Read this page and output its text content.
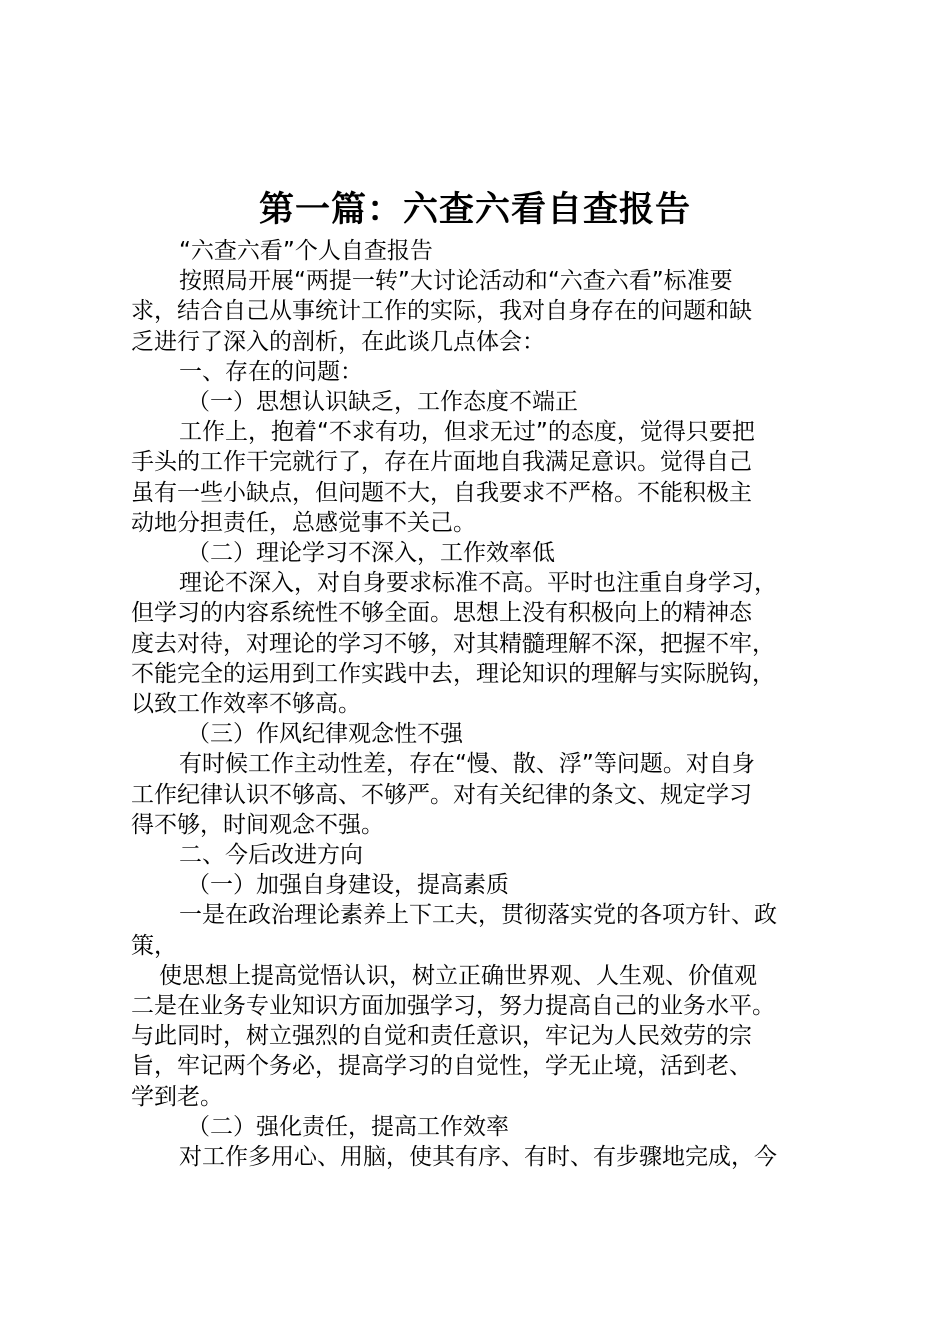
第一篇：六查六看自查报告

“六查六看”个人自查报告

按照局开展“两提一转”大讨论活动和“六查六看”标准要

求，结合自己从事统计工作的实际，我对自身存在的问题和缺

乏进行了深入的剖析，在此谈几点体会：

一、存在的问题：

（一）思想认识缺乏，工作态度不端正

工作上，抱着“不求有功，但求无过”的态度，觉得只要把

手头的工作干完就行了，存在片面地自我满足意识。觉得自己

虽有一些小缺点，但问题不大，自我要求不严格。不能积极主

动地分担责任，总感觉事不关己。

（二）理论学习不深入，工作效率低

理论不深入，对自身要求标准不高。平时也注重自身学习，

但学习的内容系统性不够全面。思想上没有积极向上的精神态

度去对待，对理论的学习不够，对其精髓理解不深，把握不牢，

不能完全的运用到工作实践中去，理论知识的理解与实际脱钩，

以致工作效率不够高。

（三）作风纪律观念性不强

有时候工作主动性差，存在“慢、散、浮”等问题。对自身

工作纪律认识不够高、不够严。对有关纪律的条文、规定学习

得不够，时间观念不强。

二、今后改进方向

（一）加强自身建设，提高素质

一是在政治理论素养上下工夫，贯彻落实党的各项方针、政

策，

使思想上提高觉悟认识，树立正确世界观、人生观、价值观

二是在业务专业知识方面加强学习，努力提高自己的业务水平。

与此同时，树立强烈的自觉和责任意识，牢记为人民效劳的宗

旨，牢记两个务必，提高学习的自觉性，学无止境，活到老、

学到老。

（二）强化责任，提高工作效率

对工作多用心、用脑，使其有序、有时、有步骤地完成，今
